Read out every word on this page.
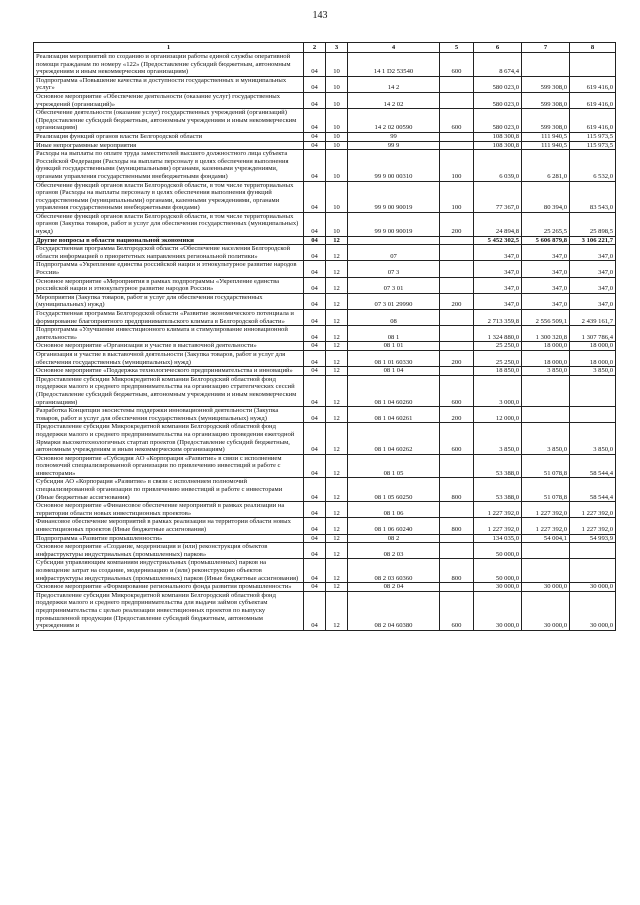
143
1	2	3	4	5	6	7	8
Реализация мероприятий по созданию и организации работы единой службы оперативной помощи гражданам по номеру «122» (Предоставление субсидий бюджетным, автономным учреждениям и иным некоммерческим организациям)	04	10	14 1 D2 53540	600	8 674,4		
Подпрограмма «Повышение качества и доступности государственных и муниципальных услуг»	04	10	14 2		580 023,0	599 308,0	619 416,0
Основное мероприятие «Обеспечение деятельности (оказание услуг) государственных учреждений (организаций)»	04	10	14 2 02		580 023,0	599 308,0	619 416,0
Обеспечение деятельности (оказание услуг) государственных учреждений (организаций) (Предоставление субсидий бюджетным, автономным учреждениям и иным некоммерческим организациям)	04	10	14 2 02 00590	600	580 023,0	599 308,0	619 416,0
Реализация функций органов власти Белгородской области	04	10	99		108 300,8	111 940,5	115 973,5
Иные непрограммные мероприятия	04	10	99 9		108 300,8	111 940,5	115 973,5
Расходы на выплаты по оплате труда заместителей высшего должностного лица субъекта Российской Федерации (Расходы на выплаты персоналу в целях обеспечения выполнения функций государственными (муниципальными) органами, казенными учреждениями, органами управления государственными внебюджетными фондами)	04	10	99 9 00 00310	100	6 039,0	6 281,0	6 532,0
Обеспечение функций органов власти Белгородской области, в том числе территориальных органов (Расходы на выплаты персоналу в целях обеспечения выполнения функций государственными (муниципальными) органами, казенными учреждениями, органами управления государственными внебюджетными фондами)	04	10	99 9 00 90019	100	77 367,0	80 394,0	83 543,0
Обеспечение функций органов власти Белгородской области, в том числе территориальных органов (Закупка товаров, работ и услуг для обеспечения государственных (муниципальных) нужд)	04	10	99 9 00 90019	200	24 894,8	25 265,5	25 898,5
Другие вопросы в области национальной экономики	04	12			5 452 302,5	5 606 879,8	3 106 221,7
Государственная программа Белгородской области «Обеспечение населения Белгородской области информацией о приоритетных направлениях региональной политики»	04	12	07		347,0	347,0	347,0
Подпрограмма «Укрепление единства российской нации и этнокультурное развитие народов России»	04	12	07 3		347,0	347,0	347,0
Основное мероприятие «Мероприятия в рамках подпрограммы «Укрепление единства российской нации и этнокультурное развитие народов России»	04	12	07 3 01		347,0	347,0	347,0
Мероприятия (Закупка товаров, работ и услуг для обеспечения государственных (муниципальных) нужд)	04	12	07 3 01 29990	200	347,0	347,0	347,0
Государственная программа Белгородской области «Развитие экономического потенциала и формирование благоприятного предпринимательского климата в Белгородской области»	04	12	08		2 713 359,8	2 556 509,1	2 439 161,7
Подпрограмма «Улучшение инвестиционного климата и стимулирование инновационной деятельности»	04	12	08 1		1 324 880,0	1 300 320,8	1 307 786,4
Основное мероприятие «Организация и участие в выставочной деятельности»	04	12	08 1 01		25 250,0	18 000,0	18 000,0
Организация и участие в выставочной деятельности (Закупка товаров, работ и услуг для обеспечения государственных (муниципальных) нужд)	04	12	08 1 01 60330	200	25 250,0	18 000,0	18 000,0
Основное мероприятие «Поддержка технологического предпринимательства и инноваций»	04	12	08 1 04		18 850,0	3 850,0	3 850,0
Предоставление субсидии Микрокредитной компании Белгородский областной фонд поддержки малого и среднего предпринимательства на организацию стратегических сессий (Предоставление субсидий бюджетным, автономным учреждениям и иным некоммерческим организациям)	04	12	08 1 04 60260	600	3 000,0		
Разработка Концепции экосистемы поддержки инновационной деятельности (Закупка товаров, работ и услуг для обеспечения государственных (муниципальных) нужд)	04	12	08 1 04 60261	200	12 000,0		
Предоставление субсидии Микрокредитной компании Белгородский областной фонд поддержки малого и среднего предпринимательства на организацию проведения ежегодной Ярмарки высокотехнологичных стартап проектов (Предоставление субсидий бюджетным, автономным учреждениям и иным некоммерческим организациям)	04	12	08 1 04 60262	600	3 850,0	3 850,0	3 850,0
Основное мероприятие «Субсидия АО «Корпорация «Развитие» в связи с исполнением полномочий специализированной организации по привлечению инвестиций и работе с инвесторами»	04	12	08 1 05		53 388,0	51 078,8	58 544,4
Субсидия АО «Корпорация «Развитие» в связи с исполнением полномочий специализированной организации по привлечению инвестиций и работе с инвесторами (Иные бюджетные ассигнования)	04	12	08 1 05 60250	800	53 388,0	51 078,8	58 544,4
Основное мероприятие «Финансовое обеспечение мероприятий в рамках реализации на территории области новых инвестиционных проектов»	04	12	08 1 06		1 227 392,0	1 227 392,0	1 227 392,0
Финансовое обеспечение мероприятий в рамках реализации на территории области новых инвестиционных проектов (Иные бюджетные ассигнования)	04	12	08 1 06 60240	800	1 227 392,0	1 227 392,0	1 227 392,0
Подпрограмма «Развитие промышленности»	04	12	08 2		134 035,0	54 004,1	54 993,9
Основное мероприятие «Создание, модернизация и (или) реконструкция объектов инфраструктуры индустриальных (промышленных) парков»	04	12	08 2 03		50 000,0		
Субсидии управляющим компаниям индустриальных (промышленных) парков на возмещение затрат на создание, модернизацию и (или) реконструкцию объектов инфраструктуры индустриальных (промышленных) парков (Иные бюджетные ассигнования)	04	12	08 2 03 60360	800	50 000,0		
Основное мероприятие «Формирование регионального фонда развития промышленности»	04	12	08 2 04		30 000,0	30 000,0	30 000,0
Предоставление субсидии Микрокредитной компании Белгородский областной фонд поддержки малого и среднего предпринимательства для выдачи займов субъектам предпринимательства с целью реализации инвестиционных проектов по выпуску промышленной продукции (Предоставление субсидий бюджетным, автономным учреждениям и	04	12	08 2 04 60380	600	30 000,0	30 000,0	30 000,0
